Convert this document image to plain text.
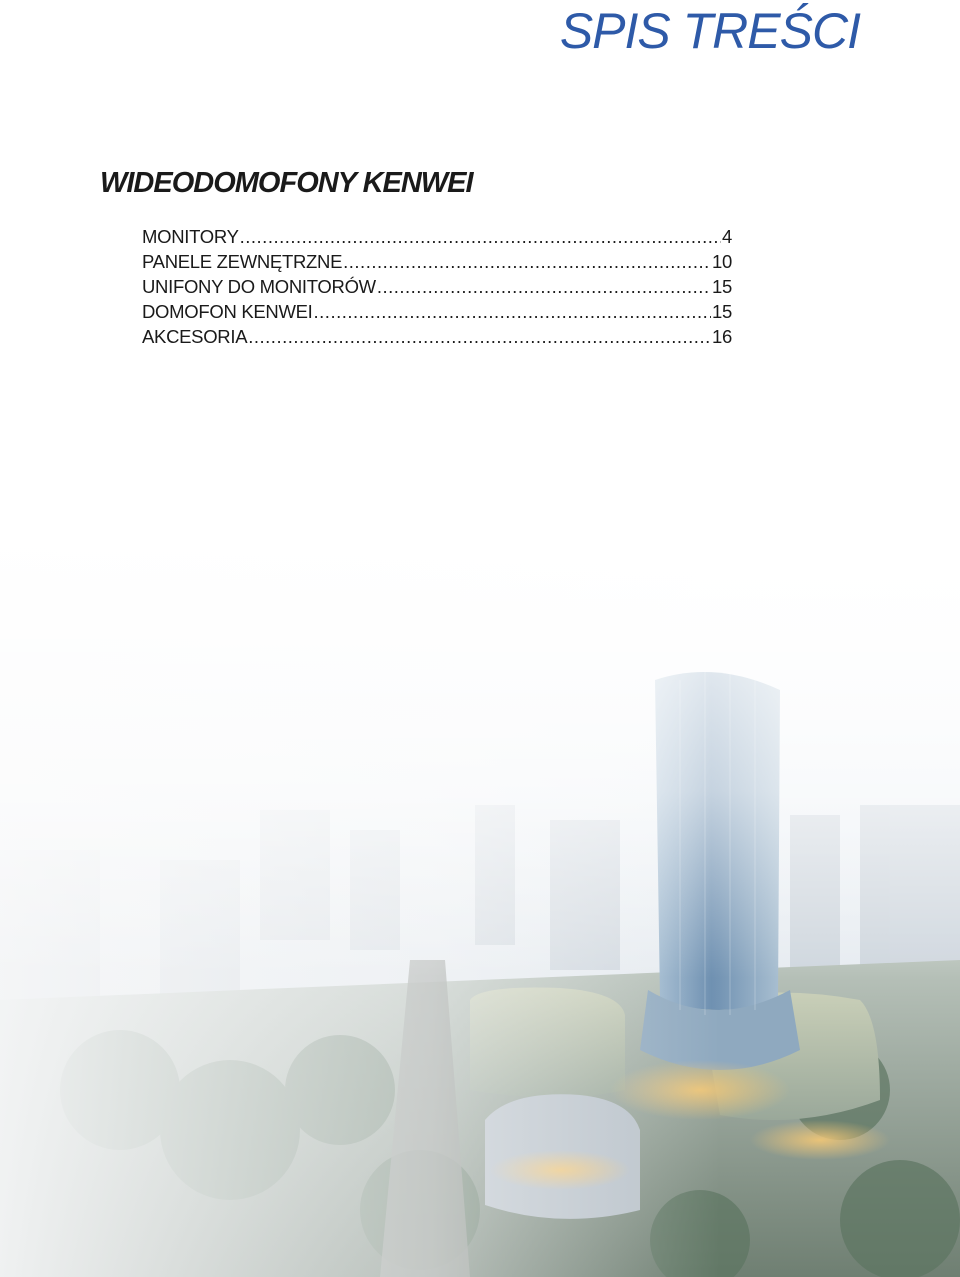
SPIS TREŚCI
WIDEODOMOFONY KENWEI
MONITORY .....	4
PANELE ZEWNĘTRZNE .....	10
UNIFONY DO MONITORÓW .....	15
DOMOFON KENWEI .....	15
AKCESORIA .....	16
